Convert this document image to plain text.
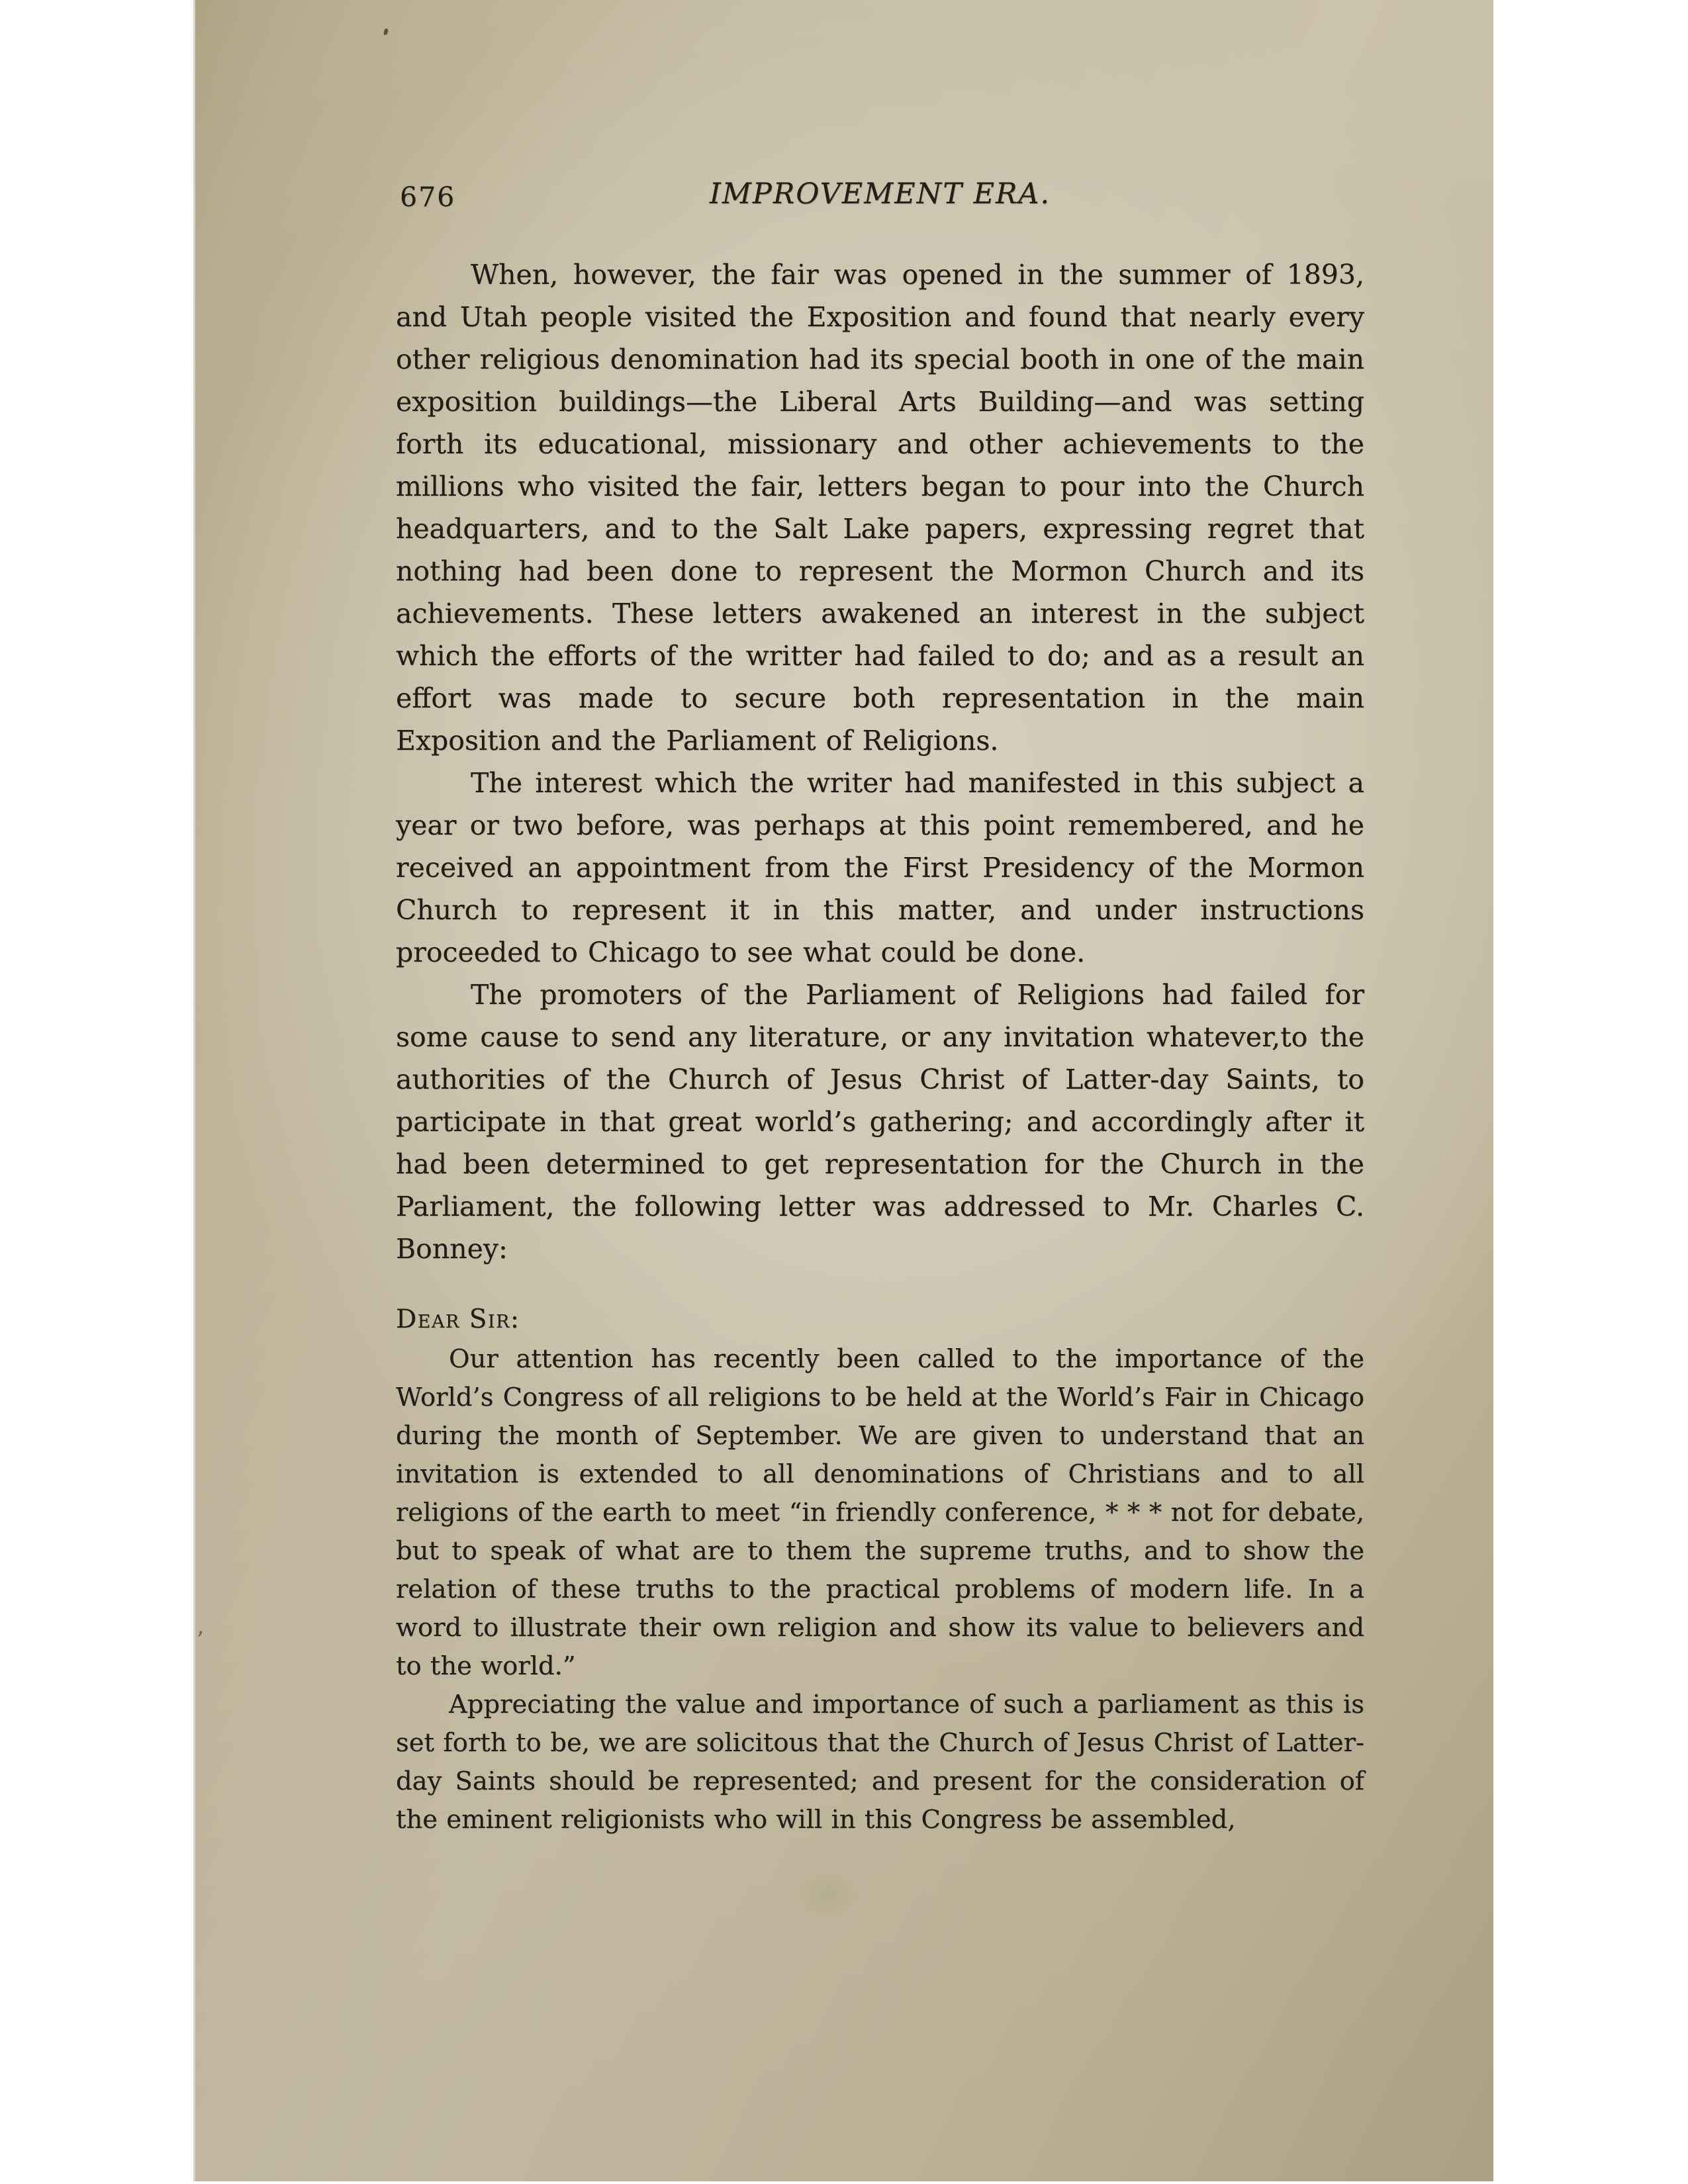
676	IMPROVEMENT ERA.

When, however, the fair was opened in the summer of 1893, and Utah people visited the Exposition and found that nearly every other religious denomination had its special booth in one of the main exposition buildings—the Liberal Arts Building—and was setting forth its educational, missionary and other achievements to the millions who visited the fair, letters began to pour into the Church headquarters, and to the Salt Lake papers, expressing regret that nothing had been done to represent the Mormon Church and its achievements. These letters awakened an interest in the subject which the efforts of the writter had failed to do; and as a result an effort was made to secure both representation in the main Exposition and the Parliament of Religions.

The interest which the writer had manifested in this subject a year or two before, was perhaps at this point remembered, and he received an appointment from the First Presidency of the Mormon Church to represent it in this matter, and under instructions proceeded to Chicago to see what could be done.

The promoters of the Parliament of Religions had failed for some cause to send any literature, or any invitation whatever,to the authorities of the Church of Jesus Christ of Latter-day Saints, to participate in that great world’s gathering; and accordingly after it had been determined to get representation for the Church in the Parliament, the following letter was addressed to Mr. Charles C. Bonney:

Dear Sir:

Our attention has recently been called to the importance of the World’s Congress of all religions to be held at the World’s Fair in Chicago during the month of September. We are given to understand that an invitation is extended to all denominations of Christians and to all religions of the earth to meet “in friendly conference, * * * not for debate, but to speak of what are to them the supreme truths, and to show the relation of these truths to the practical problems of modern life. In a word to illustrate their own religion and show its value to believers and to the world.”

Appreciating the value and importance of such a parliament as this is set forth to be, we are solicitous that the Church of Jesus Christ of Latter-day Saints should be represented; and present for the consideration of the eminent religionists who will in this Congress be assembled,

’
